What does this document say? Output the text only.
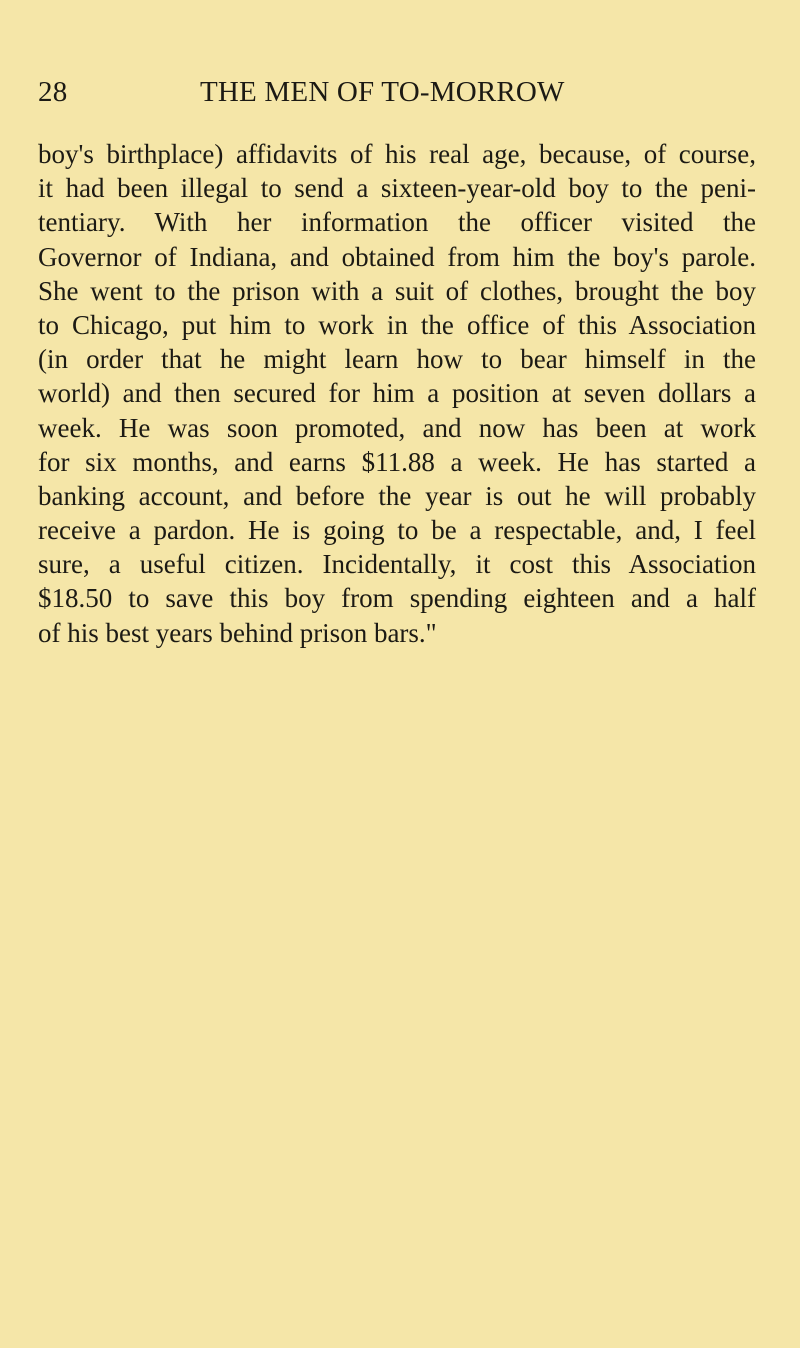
28	THE MEN OF TO-MORROW
boy's birthplace) affidavits of his real age, because, of course,
it had been illegal to send a sixteen-year-old boy to the peni-
tentiary. With her information the officer visited the
Governor of Indiana, and obtained from him the boy's parole.
She went to the prison with a suit of clothes, brought the boy
to Chicago, put him to work in the office of this Association
(in order that he might learn how to bear himself in the
world) and then secured for him a position at seven dollars a
week. He was soon promoted, and now has been at work
for six months, and earns $11.88 a week. He has started a
banking account, and before the year is out he will probably
receive a pardon. He is going to be a respectable, and, I feel
sure, a useful citizen. Incidentally, it cost this Association
$18.50 to save this boy from spending eighteen and a half
of his best years behind prison bars."
